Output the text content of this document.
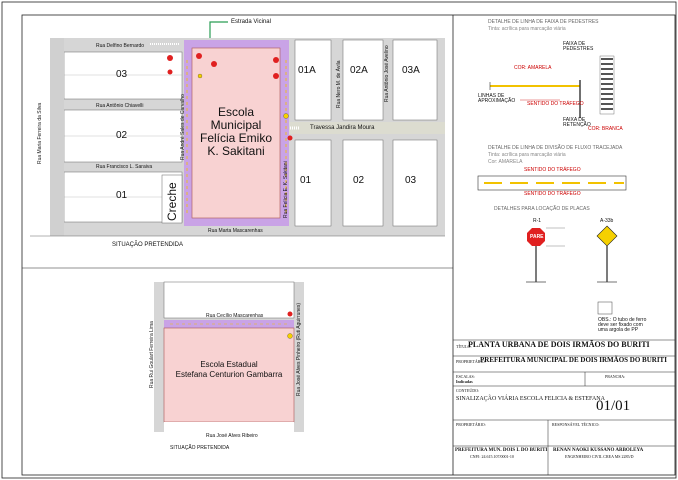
Estrada Vicinal
Rua Delfino Bernardo
Rua Antônio Chiavelli
Rua Francisco L. Saraiva
Rua Marta Mascarenhas
Rua Maria Ferreira da Silva	Rua André Sales de Carvalho
Rua Felícia E. K. Sakitani
Rua Nero M. de Ávila	Rua Antônio José Avelino
Travessa Jandira Moura
03
02
01
01A	02A	03A
01	02	03
Escola
Municipal
Felícia Emiko
K. Sakitani
Creche
SITUAÇÃO PRETENDIDA
Rua Cecílio Mascarenhas
Rua José Alves Ribeiro
Rua Rui Goulart Ferreira Lima	Rua José Alves Pinheiro (Ruti Aguirrunes)
Escola Estadual
Estefana Centurion Gambarra
SITUAÇÃO PRETENDIDA
DETALHE DE LINHA DE FAIXA DE PEDESTRES
Tinta: acrílica para marcação viária
FAIXA DE PEDESTRES
COR: AMARELA
LINHAS DE APROXIMAÇÃO	SENTIDO DO TRÁFEGO
FAIXA DE RETENÇÃO
COR: BRANCA
DETALHE DE LINHA DE DIVISÃO DE FLUXO TRACEJADA
Tinta: acrílica para marcação viária
Cor: AMARELA
SENTIDO DO TRÁFEGO
SENTIDO DO TRÁFEGO
DETALHES PARA LOCAÇÃO DE PLACAS
R-1	A-33b
PARE
OBS.: O tubo de ferro deve ser fixado com uma argola de PP
TÍTULO:
PLANTA URBANA DE DOIS IRMÃOS DO BURITI
PROPRIETÁRIO:
PREFEITURA MUNICIPAL DE DOIS IRMÃOS DO BURITI
ESCALAS:
Indicadas
PRANCHA:
CONTEÚDO:
SINALIZAÇÃO VIÁRIA ESCOLA FELICIA & ESTEFANA
01/01
PROPRIETÁRIO:	RESPONSÁVEL TÉCNICO:
PREFEITURA MUN. DOIS I. DO BURITI
CNPJ: 24.615.107/0001-10
RENAN NAOKI KUSSANO ARBOLEYA
ENGENHEIRO CIVIL CREA MS 2285/D
